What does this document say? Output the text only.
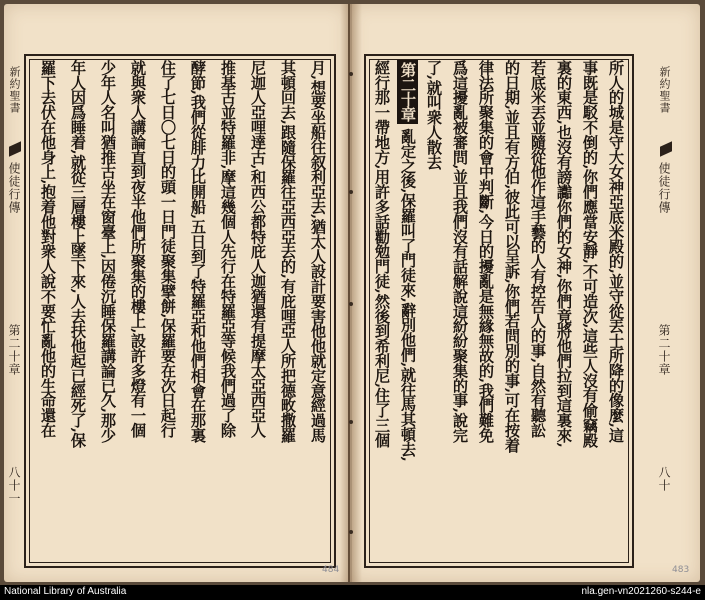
新約聖書
使徒行傳
第二十章
八十一
月,想要坐船往叙利亞去,猶太人設計要害他他就定意經過馬
其頓回去,跟隨保羅往亞西亞去的,有庇哩亞人所把德畋撒羅
尼迦人亞哩達古,和西公都特庇人迦猶還有提摩太亞西亞人
推基古並特羅非,摩這幾個人先行在特羅亞等候我們過了除
酵節,我們從腓力比開船,五日到了特羅亞和他們相會在那裏
住了七日〇七日的頭一日門徒聚集擘餅,保羅要在次日起行
就與衆人講論直到夜半他們所聚集的樓上,設許多燈有一個
少年人名叫猶推古坐在窗臺上,因倦沉睡保羅講論已久,那少
年人因爲睡着,就從三層樓上墜下來,人去扶他起已經死了,保
羅下去伏在他身上,抱着他對衆人說不要忙亂他的生命還在
484
所人的城是守大女神亞底米殿的,並守從丟士所降的像麼,這
事既是駁不倒的,你們應當安靜,不可造次,這些人沒有偷竊殿
裏的東西,也沒有謗讟你們的女神,你們竟將他們拉到這裏來,
若底米丟並隨從他作這手藝的人有控告人的事,自然有聽訟
的日期,並且有方伯,彼此可以呈訴,你們若問別的事,可在按着
律法所聚集的會中判斷,今日的擾亂是無緣無故的,我們難免
爲這擾亂被審問,並且我們沒有話解說這紛紛聚集的事,說完
了,就叫衆人散去
第二十章 亂定之後,保羅叫了門徒來,辭別他們,就往馬其頓去,
經行那一帶地方,用許多話勸勉門徒,然後到希利尼,住了三個	新約聖書
使徒行傳
第二十章
八十
483
National Library of Australia	nla.gen-vn2021260-s244-e
